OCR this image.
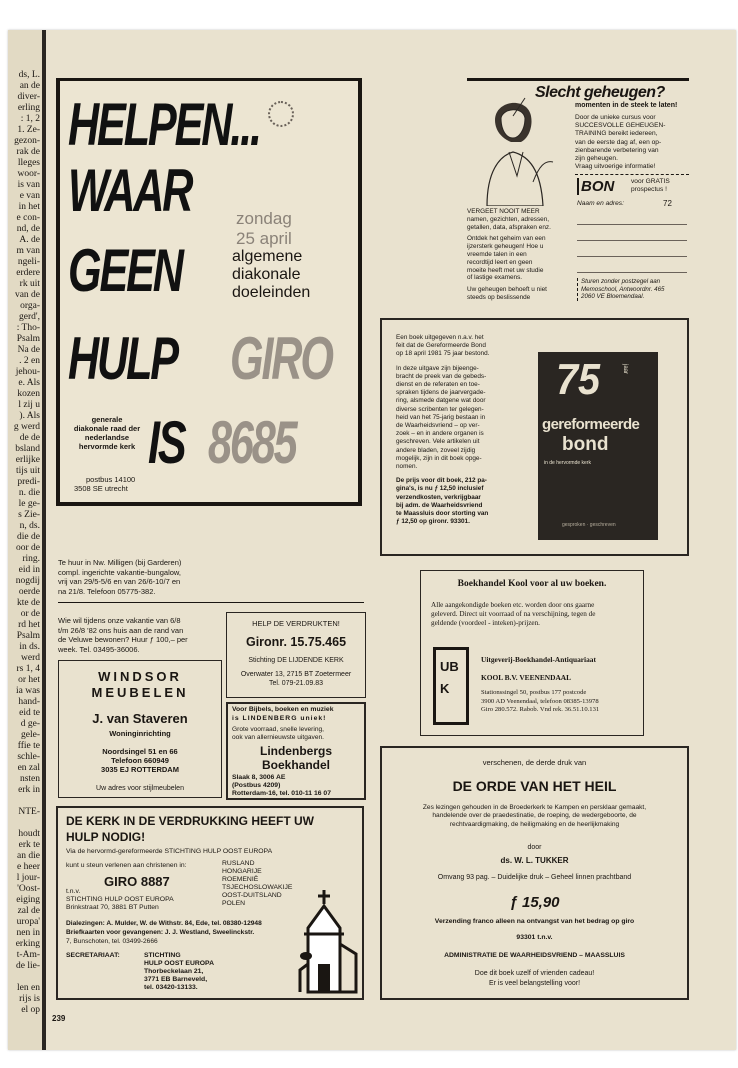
ds, L.
an de
diver-
erling
: 1, 2
1. Ze-
gezon-
rak de
lleges
woor-
is van
e van
in het
e con-
nd, de
A. de
m van
ngeli-
erdere
rk uit
van de
orga-
gerd',
: Tho-
Psalm
Na de
. 2 en
jehou-
e. Als
kozen
l zij u
). Als
g werd
de de
bsland
erlijke
tijs uit
predi-
n. die
le ge-
s Zie-
n, ds.
die de
oor de
ring.
eid in
nogdij
oerde
kte de
or de
rd het
Psalm
in ds.
werd
rs 1, 4
or het
ia was
hand-
eid te
d ge-
gele-
ffie te
schle-
en zal
nsten
erk in
NTE-
houdt
erk te
an die
e heer
l jour-
'Oost-
eiging
zal de
uropa'
nen in
erking
t-Am-
de lie-
len en
rijs is
el op
HELPEN...
WAAR
GEEN
HULP
IS
GIRO
8685
zondag
25 april
algemene
diakonale
doeleinden
generale
diakonale raad der
nederlandse
hervormde kerk
postbus 14100
3508 SE utrecht
Slecht geheugen?
momenten in de steek te laten!
Door de unieke cursus voor
SUCCESVOLLE GEHEUGEN-
TRAINING bereikt iedereen,
van de eerste dag af, een op-
zienbarende verbetering van
zijn geheugen.
Vraag uitvoerige informatie!
BON	voor GRATIS
prospectus !
Naam en adres:	72
VERGEET NOOIT MEER
namen, gezichten, adressen,
getallen, data, afspraken enz.
Ontdek het geheim van een
ijzersterk geheugen! Hoe u
vreemde talen in een
recordtijd leert en geen
moeite heeft met uw studie
of lastige examens.
Uw geheugen behoeft u niet
steeds op beslissende
Sturen zonder postzegel aan
Memoschool, Antwoordnr. 465
2060 VE Bloemendaal.
Een boek uitgegeven n.a.v. het
feit dat de Gereformeerde Bond
op 18 april 1981 75 jaar bestond.
In deze uitgave zijn bijeenge-
bracht de preek van de gebeds-
dienst en de referaten en toe-
spraken tijdens de jaarvergade-
ring, alsmede datgene wat door
diverse scribenten ter gelegen-
heid van het 75-jarig bestaan in
de Waarheidsvriend – op ver-
zoek – en in andere organen is
geschreven. Vele artikelen uit
andere bladen, zoveel zijdig
mogelijk, zijn in dit boek opge-
nomen.
De prijs voor dit boek, 212 pa-
gina's, is nu ƒ 12,50 inclusief
verzendkosten, verkrijgbaar
bij adm. de Waarheidsvriend
te Maassluis door storting van
ƒ 12,50 op gironr. 93301.
75	jaar
gereformeerde
bond
in de hervormde kerk
gesproken · geschreven
Te huur in Nw. Milligen (bij Garderen)
compl. ingerichte vakantie-bungalow,
vrij van 29/5-5/6 en van 26/6-10/7 en
na 21/8. Telefoon 05775-382.
Wie wil tijdens onze vakantie van 6/8
t/m 26/8 '82 ons huis aan de rand van
de Veluwe bewonen? Huur ƒ 100,– per
week. Tel. 03495-36006.
WINDSOR
MEUBELEN
J. van Staveren
Woninginrichting
Noordsingel 51 en 66
Telefoon 660949
3035 EJ ROTTERDAM
Uw adres voor stijlmeubelen
HELP DE VERDRUKTEN!
Gironr. 15.75.465
Stichting DE LIJDENDE KERK
Overwater 13, 2715 BT Zoetermeer
Tel. 079-21.09.83
Voor Bijbels, boeken en muziek
is LINDENBERG uniek!
Grote voorraad, snelle levering,
ook van allernieuwste uitgaven.
Lindenbergs
Boekhandel
Slaak 8, 3006 AE
(Postbus 4209)
Rotterdam-16, tel. 010-11 16 07
Boekhandel Kool voor al uw boeken.
Alle aangekondigde boeken etc. worden door ons gaarne
geleverd. Direct uit voorraad of na verschijning, tegen de
geldende (voordeel - inteken)-prijzen.
UBK
Uitgeverij-Boekhandel-Antiquariaat
KOOL B.V. VEENENDAAL
Stationssingel 50, postbus 177 postcode
3900 AD Veenendaal, telefoon 08385-13978
Giro 280.572. Rabob. Vnd rek. 36.51.10.131
verschenen, de derde druk van
DE ORDE VAN HET HEIL
Zes lezingen gehouden in de Broederkerk te Kampen en persklaar gemaakt,
handelende over de praedestinatie, de roeping, de wedergeboorte, de
rechtvaardigmaking, de heiligmaking en de heerlijkmaking
door
ds. W. L. TUKKER
Omvang 93 pag. – Duidelijke druk – Geheel linnen prachtband
ƒ 15,90
Verzending franco alleen na ontvangst van het bedrag op giro
93301 t.n.v.
ADMINISTRATIE DE WAARHEIDSVRIEND – MAASSLUIS
Doe dit boek uzelf of vrienden cadeau!
Er is veel belangstelling voor!
DE KERK IN DE VERDRUKKING HEEFT UW
HULP NODIG!
Via de hervormd-gereformeerde STICHTING HULP OOST EUROPA
kunt u steun verlenen aan christenen in:	RUSLAND
HONGARIJE
ROEMENIË
TSJECHOSLOWAKIJE
OOST-DUITSLAND
POLEN
GIRO 8887
t.n.v.
STICHTING HULP OOST EUROPA
Brinkstraat 70, 3881 BT Putten
Dialezingen: A. Mulder, W. de Withstr. 84, Ede, tel. 08380-12948
Briefkaarten voor gevangenen: J. J. Westland, Sweelinckstr.
7, Bunschoten, tel. 03499-2666
SECRETARIAAT:	STICHTING
HULP OOST EUROPA
Thorbeckelaan 21,
3771 EB Barneveld,
tel. 03420-13133.
239
